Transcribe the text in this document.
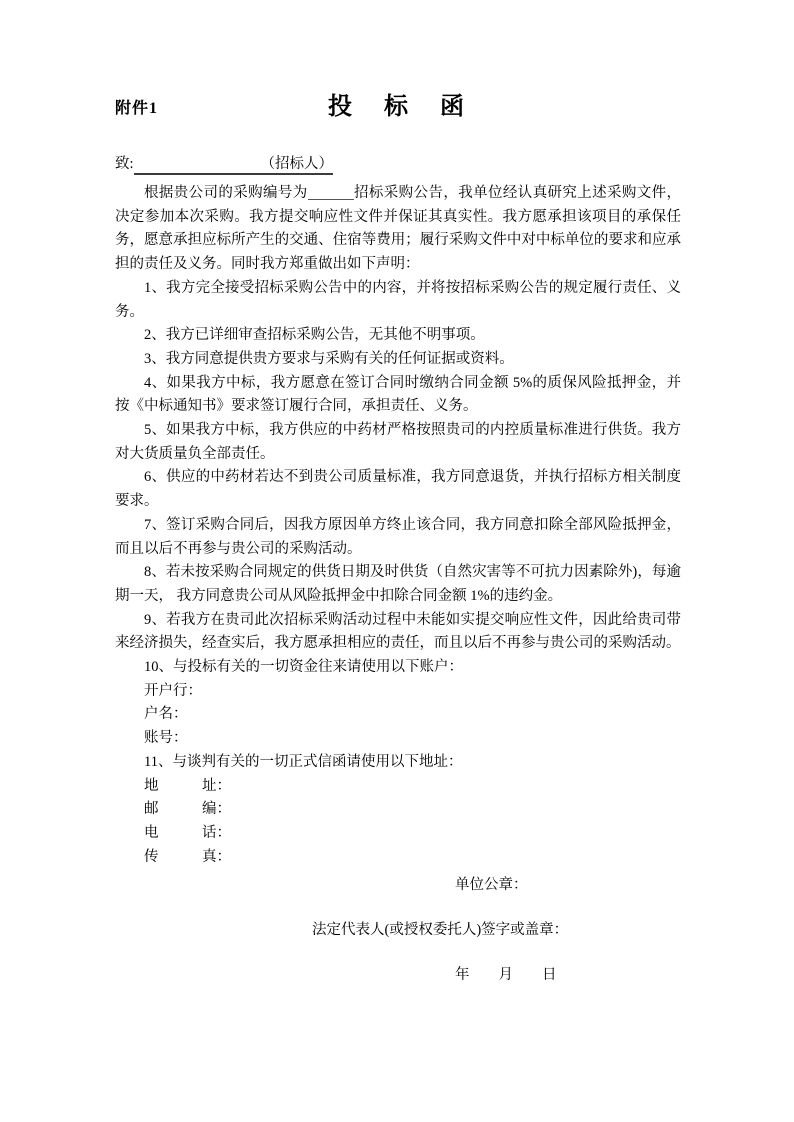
附件1	投　标　函
致:	（招标人）

根据贵公司的采购编号为	招标采购公告，我单位经认真研究上述采购文件，决定参加本次采购。我方提交响应性文件并保证其真实性。我方愿承担该项目的承保任务，愿意承担应标所产生的交通、住宿等费用；履行采购文件中对中标单位的要求和应承担的责任及义务。同时我方郑重做出如下声明：

1、我方完全接受招标采购公告中的内容，并将按招标采购公告的规定履行责任、义务。

2、我方已详细审查招标采购公告，无其他不明事项。

3、我方同意提供贵方要求与采购有关的任何证据或资料。

4、如果我方中标，我方愿意在签订合同时缴纳合同金额 5%的质保风险抵押金，并按《中标通知书》要求签订履行合同，承担责任、义务。

5、如果我方中标，我方供应的中药材严格按照贵司的内控质量标准进行供货。我方对大货质量负全部责任。

6、供应的中药材若达不到贵公司质量标准，我方同意退货，并执行招标方相关制度要求。

7、签订采购合同后，因我方原因单方终止该合同，我方同意扣除全部风险抵押金，而且以后不再参与贵公司的采购活动。

8、若未按采购合同规定的供货日期及时供货（自然灾害等不可抗力因素除外)，每逾期一天， 我方同意贵公司从风险抵押金中扣除合同金额 1%的违约金。

9、若我方在贵司此次招标采购活动过程中未能如实提交响应性文件，因此给贵司带来经济损失，经查实后，我方愿承担相应的责任，而且以后不再参与贵公司的采购活动。

10、与投标有关的一切资金往来请使用以下账户：

开户行：

户名：

账号：

11、与谈判有关的一切正式信函请使用以下地址：

地　　　址：

邮　　　编：

电　　　话：

传　　　真：

单位公章：

法定代表人(或授权委托人)签字或盖章：

年　　月　　日
